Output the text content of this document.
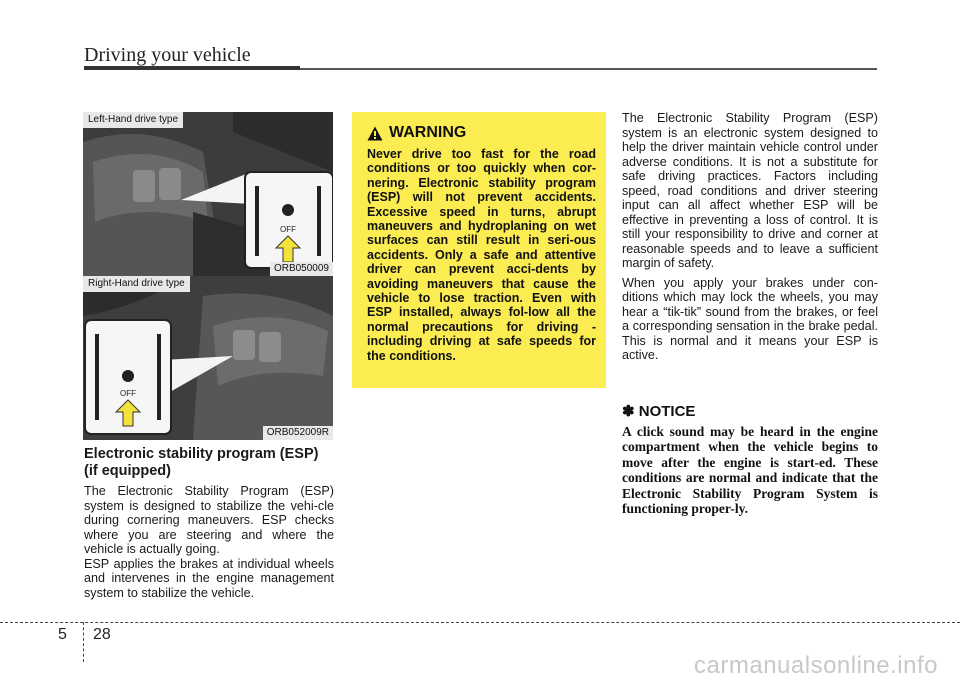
Driving your vehicle
OFF
Left-Hand drive type
ORB050009
OFF
Right-Hand drive type
ORB052009R
Electronic stability program (ESP)
(if equipped)

The Electronic Stability Program (ESP) system is designed to stabilize the vehi-cle during cornering maneuvers. ESP checks where you are steering and where the vehicle is actually going.

ESP applies the brakes at individual wheels and intervenes in the engine management system to stabilize the vehicle.

WARNING

Never drive too fast for the road conditions or too quickly when cor-nering. Electronic stability program (ESP) will not prevent accidents. Excessive speed in turns, abrupt maneuvers and hydroplaning on wet surfaces can still result in seri-ous accidents. Only a safe and attentive driver can prevent acci-dents by avoiding maneuvers that cause the vehicle to lose traction. Even with ESP installed, always fol-low all the normal precautions for driving - including driving at safe speeds for the conditions.

The Electronic Stability Program (ESP) system is an electronic system designed to help the driver maintain vehicle control under adverse conditions. It is not a substitute for safe driving practices. Factors including speed, road conditions and driver steering input can all affect whether ESP will be effective in preventing a loss of control. It is still your responsibility to drive and corner at reasonable speeds and to leave a sufficient margin of safety.

When you apply your brakes under con-ditions which may lock the wheels, you may hear a “tik-tik” sound from the brakes, or feel a corresponding sensation in the brake pedal. This is normal and it means your ESP is active.

✽ NOTICE

A click sound may be heard in the engine compartment when the vehicle begins to move after the engine is start-ed. These conditions are normal and indicate that the Electronic Stability Program System is functioning proper-ly.

5 28
carmanualsonline.info
